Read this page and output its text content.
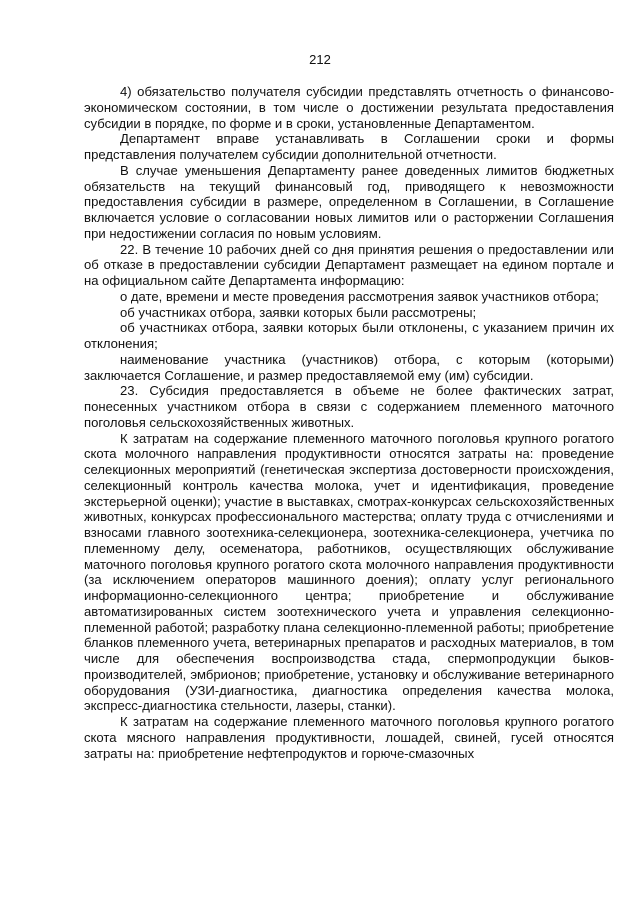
212

4) обязательство получателя субсидии представлять отчетность о финансово-экономическом состоянии, в том числе о достижении результата предоставления субсидии в порядке, по форме и в сроки, установленные Департаментом.

Департамент вправе устанавливать в Соглашении сроки и формы представления получателем субсидии дополнительной отчетности.

В случае уменьшения Департаменту ранее доведенных лимитов бюджетных обязательств на текущий финансовый год, приводящего к невозможности предоставления субсидии в размере, определенном в Соглашении, в Соглашение включается условие о согласовании новых лимитов или о расторжении Соглашения при недостижении согласия по новым условиям.

22. В течение 10 рабочих дней со дня принятия решения о предоставлении или об отказе в предоставлении субсидии Департамент размещает на едином портале и на официальном сайте Департамента информацию:

о дате, времени и месте проведения рассмотрения заявок участников отбора;

об участниках отбора, заявки которых были рассмотрены;

об участниках отбора, заявки которых были отклонены, с указанием причин их отклонения;

наименование участника (участников) отбора, с которым (которыми) заключается Соглашение, и размер предоставляемой ему (им) субсидии.

23. Субсидия предоставляется в объеме не более фактических затрат, понесенных участником отбора в связи с содержанием племенного маточного поголовья сельскохозяйственных животных.

К затратам на содержание племенного маточного поголовья крупного рогатого скота молочного направления продуктивности относятся затраты на: проведение селекционных мероприятий (генетическая экспертиза достоверности происхождения, селекционный контроль качества молока, учет и идентификация, проведение экстерьерной оценки); участие в выставках, смотрах-конкурсах сельскохозяйственных животных, конкурсах профессионального мастерства; оплату труда с отчислениями и взносами главного зоотехника-селекционера, зоотехника-селекционера, учетчика по племенному делу, осеменатора, работников, осуществляющих обслуживание маточного поголовья крупного рогатого скота молочного направления продуктивности (за исключением операторов машинного доения); оплату услуг регионального информационно-селекционного центра; приобретение и обслуживание автоматизированных систем зоотехнического учета и управления селекционно-племенной работой; разработку плана селекционно-племенной работы; приобретение бланков племенного учета, ветеринарных препаратов и расходных материалов, в том числе для обеспечения воспроизводства стада, спермопродукции быков-производителей, эмбрионов; приобретение, установку и обслуживание ветеринарного оборудования (УЗИ-диагностика, диагностика определения качества молока, экспресс-диагностика стельности, лазеры, станки).

К затратам на содержание племенного маточного поголовья крупного рогатого скота мясного направления продуктивности, лошадей, свиней, гусей относятся затраты на: приобретение нефтепродуктов и горюче-смазочных
